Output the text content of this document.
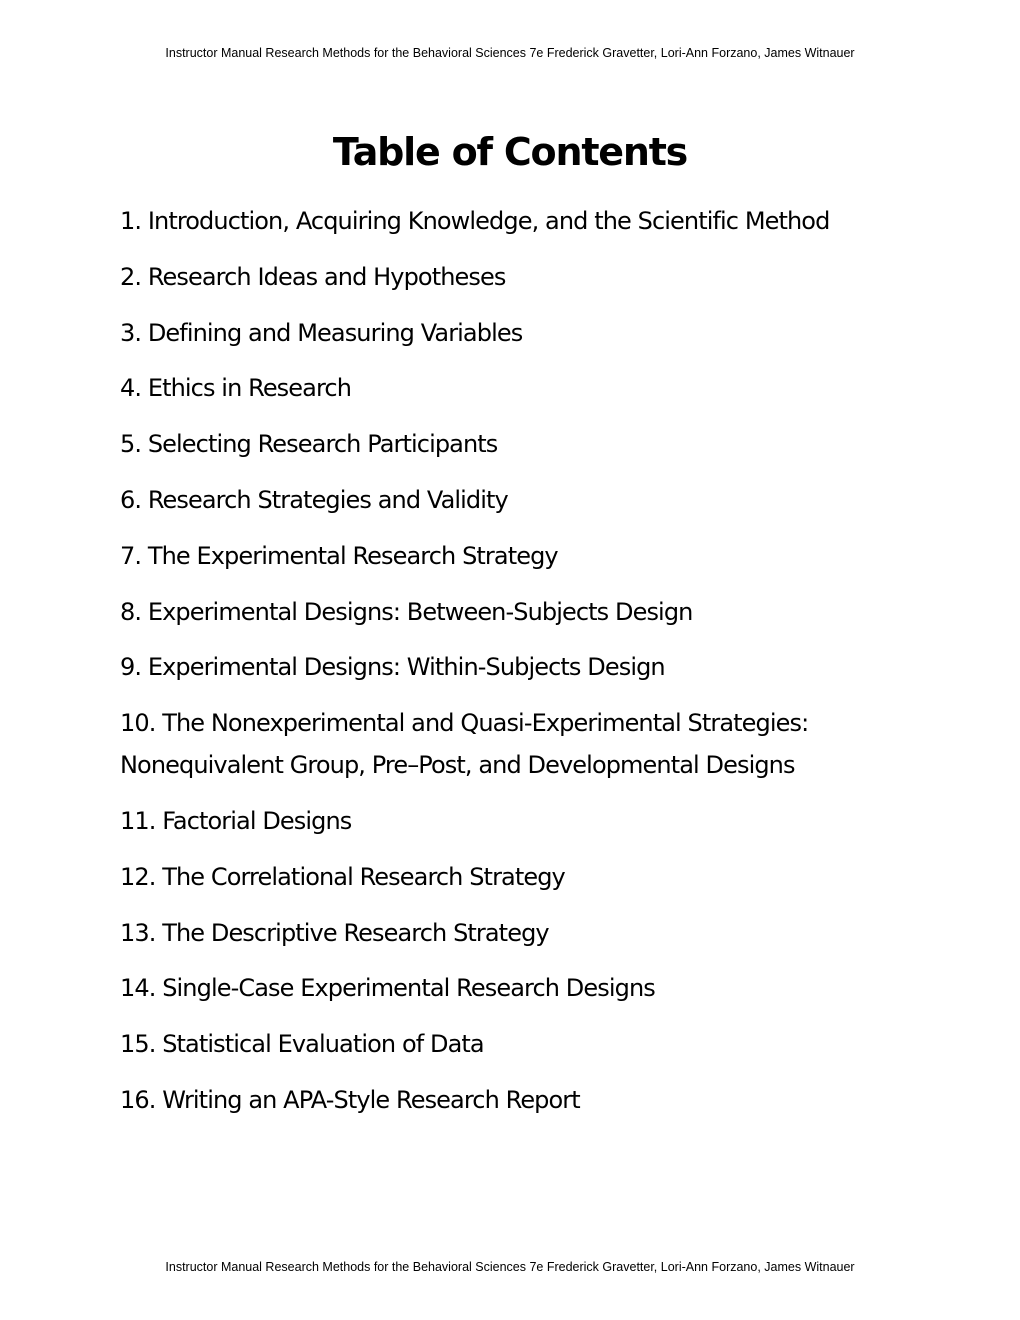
Instructor Manual Research Methods for the Behavioral Sciences 7e Frederick Gravetter, Lori-Ann Forzano, James Witnauer
Table of Contents
1. Introduction, Acquiring Knowledge, and the Scientific Method
2. Research Ideas and Hypotheses
3. Defining and Measuring Variables
4. Ethics in Research
5. Selecting Research Participants
6. Research Strategies and Validity
7. The Experimental Research Strategy
8. Experimental Designs: Between-Subjects Design
9. Experimental Designs: Within-Subjects Design
10. The Nonexperimental and Quasi-Experimental Strategies: Nonequivalent Group, Pre–Post, and Developmental Designs
11. Factorial Designs
12. The Correlational Research Strategy
13. The Descriptive Research Strategy
14. Single-Case Experimental Research Designs
15. Statistical Evaluation of Data
16. Writing an APA-Style Research Report
Instructor Manual Research Methods for the Behavioral Sciences 7e Frederick Gravetter, Lori-Ann Forzano, James Witnauer
